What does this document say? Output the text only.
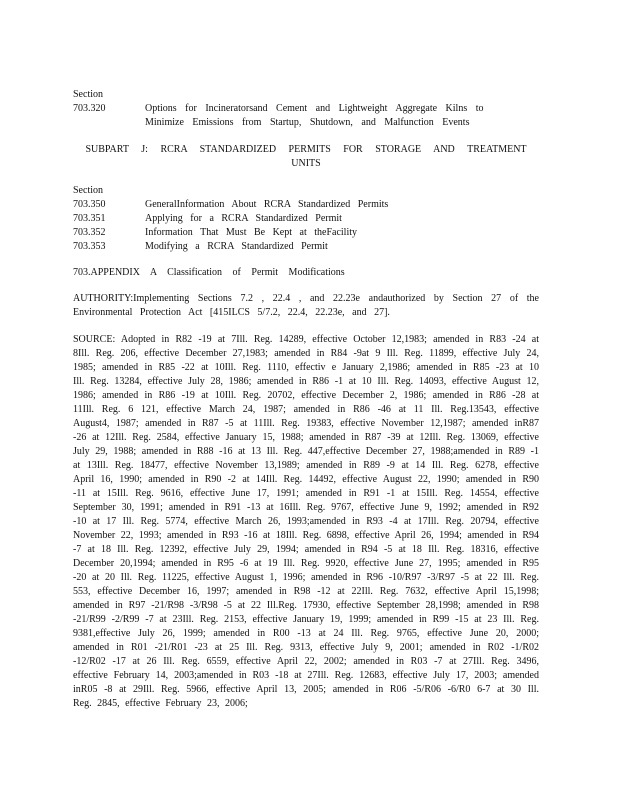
Section
703.320	Options for Incineratorsand Cement and Lightweight Aggregate Kilns to Minimize Emissions from Startup, Shutdown, and Malfunction Events
SUBPART J: RCRA STANDARDIZED PERMITS FOR STORAGE AND TREATMENT
UNITS
Section
703.350	GeneralInformation About RCRA Standardized Permits
703.351	Applying for a RCRA Standardized Permit
703.352	Information That Must Be Kept at theFacility
703.353	Modifying a RCRA Standardized Permit
703.APPENDIX A Classification of Permit Modifications
AUTHORITY:Implementing Sections 7.2 , 22.4 , and 22.23e andauthorized by Section 27 of the Environmental Protection Act [415ILCS 5/7.2, 22.4, 22.23e, and 27].
SOURCE: Adopted in R82 -19 at 7Ill. Reg. 14289, effective October 12,1983; amended in R83 -24 at 8Ill. Reg. 206, effective December 27,1983; amended in R84 -9at 9 Ill. Reg. 11899, effective July 24, 1985; amended in R85 -22 at 10Ill. Reg. 1110, effectiv e January 2,1986; amended in R85 -23 at 10 Ill. Reg. 13284, effective July 28, 1986; amended in R86 -1 at 10 Ill. Reg. 14093, effective August 12, 1986; amended in R86 -19 at 10Ill. Reg. 20702, effective December 2, 1986; amended in R86 -28 at 11Ill. Reg. 6 121, effective March 24, 1987; amended in R86 -46 at 11 Ill. Reg.13543, effective August4, 1987; amended in R87 -5 at 11Ill. Reg. 19383, effective November 12,1987; amended inR87 -26 at 12Ill. Reg. 2584, effective January 15, 1988; amended in R87 -39 at 12Ill. Reg. 13069, effective July 29, 1988; amended in R88 -16 at 13 Ill. Reg. 447,effective December 27, 1988;amended in R89 -1 at 13Ill. Reg. 18477, effective November 13,1989; amended in R89 -9 at 14 Ill. Reg. 6278, effective April 16, 1990; amended in R90 -2 at 14Ill. Reg. 14492, effective August 22, 1990; amended in R90 -11 at 15Ill. Reg. 9616, effective June 17, 1991; amended in R91 -1 at 15Ill. Reg. 14554, effective September 30, 1991; amended in R91 -13 at 16Ill. Reg. 9767, effective June 9, 1992; amended in R92 -10 at 17 Ill. Reg. 5774, effective March 26, 1993;amended in R93 -4 at 17Ill. Reg. 20794, effective November 22, 1993; amended in R93 -16 at 18Ill. Reg. 6898, effective April 26, 1994; amended in R94 -7 at 18 Ill. Reg. 12392, effective July 29, 1994; amended in R94 -5 at 18 Ill. Reg. 18316, effective December 20,1994; amended in R95 -6 at 19 Ill. Reg. 9920, effective June 27, 1995; amended in R95 -20 at 20 Ill. Reg. 11225, effective August 1, 1996; amended in R96 -10/R97 -3/R97 -5 at 22 Ill. Reg. 553, effective December 16, 1997; amended in R98 -12 at 22Ill. Reg. 7632, effective April 15,1998; amended in R97 -21/R98 -3/R98 -5 at 22 Ill.Reg. 17930, effective September 28,1998; amended in R98 -21/R99 -2/R99 -7 at 23Ill. Reg. 2153, effective January 19, 1999; amended in R99 -15 at 23 Ill. Reg. 9381,effective July 26, 1999; amended in R00 -13 at 24 Ill. Reg. 9765, effective June 20, 2000; amended in R01 -21/R01 -23 at 25 Ill. Reg. 9313, effective July 9, 2001; amended in R02 -1/R02 -12/R02 -17 at 26 Ill. Reg. 6559, effective April 22, 2002; amended in R03 -7 at 27Ill. Reg. 3496, effective February 14, 2003;amended in R03 -18 at 27Ill. Reg. 12683, effective July 17, 2003; amended inR05 -8 at 29Ill. Reg. 5966, effective April 13, 2005; amended in R06 -5/R06 -6/R0 6-7 at 30 Ill. Reg. 2845, effective February 23, 2006;
